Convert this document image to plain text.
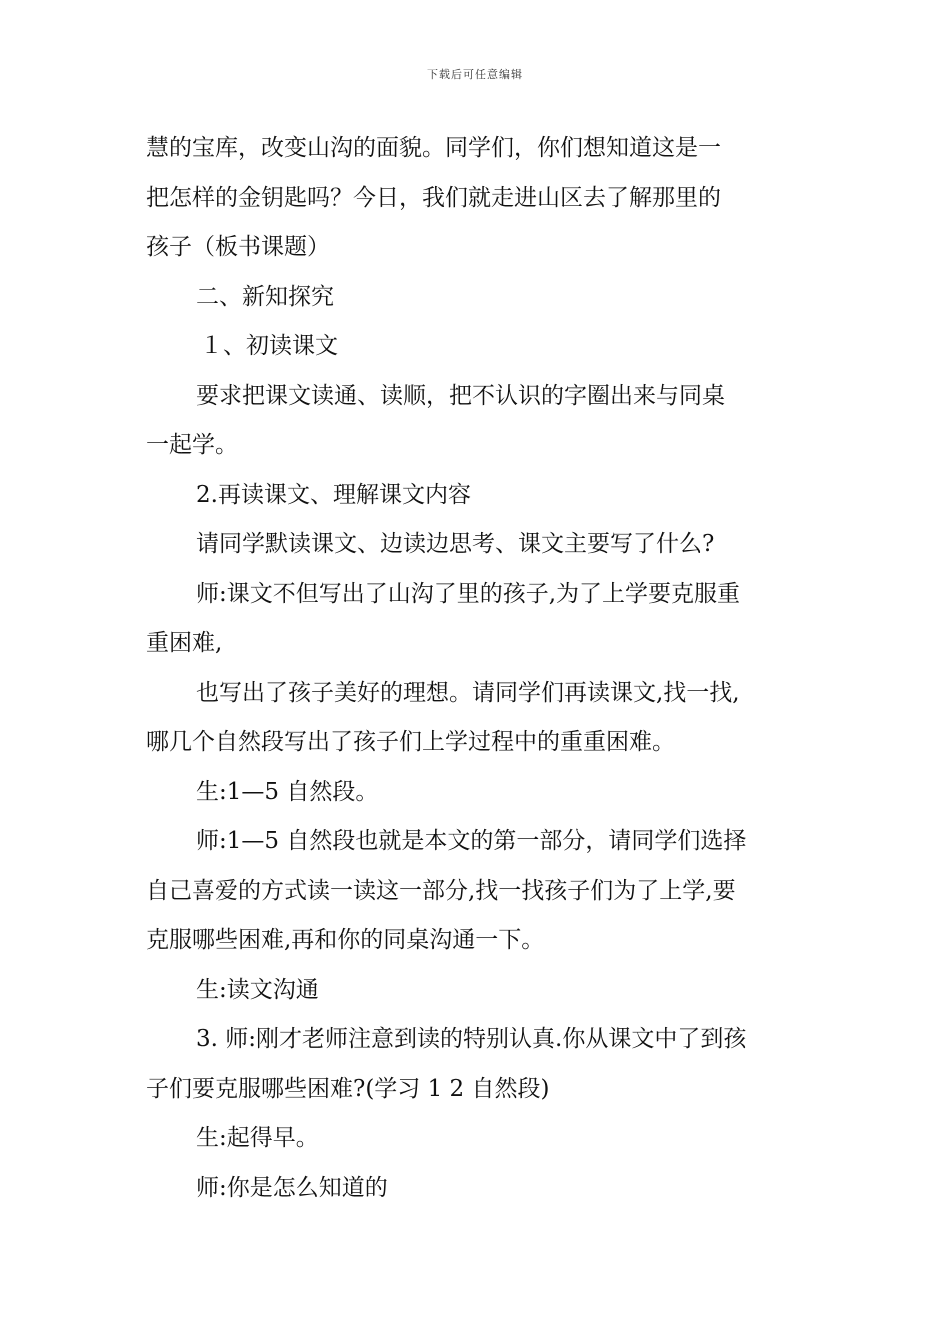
下载后可任意编辑

慧的宝库，改变山沟的面貌。同学们，你们想知道这是一

把怎样的金钥匙吗？今日，我们就走进山区去了解那里的

孩子（板书课题）

二、新知探究

１、初读课文

要求把课文读通、读顺，把不认识的字圈出来与同桌

一起学。

2.再读课文、理解课文内容

请同学默读课文、边读边思考、课文主要写了什么?

师:课文不但写出了山沟了里的孩子,为了上学要克服重

重困难,

也写出了孩子美好的理想。请同学们再读课文,找一找,

哪几个自然段写出了孩子们上学过程中的重重困难。

生:1—5 自然段。

师:1—5 自然段也就是本文的第一部分，请同学们选择

自己喜爱的方式读一读这一部分,找一找孩子们为了上学,要

克服哪些困难,再和你的同桌沟通一下。

生:读文沟通

3. 师:刚才老师注意到读的特别认真.你从课文中了到孩

子们要克服哪些困难?(学习 1 2 自然段)

生:起得早。

师:你是怎么知道的
